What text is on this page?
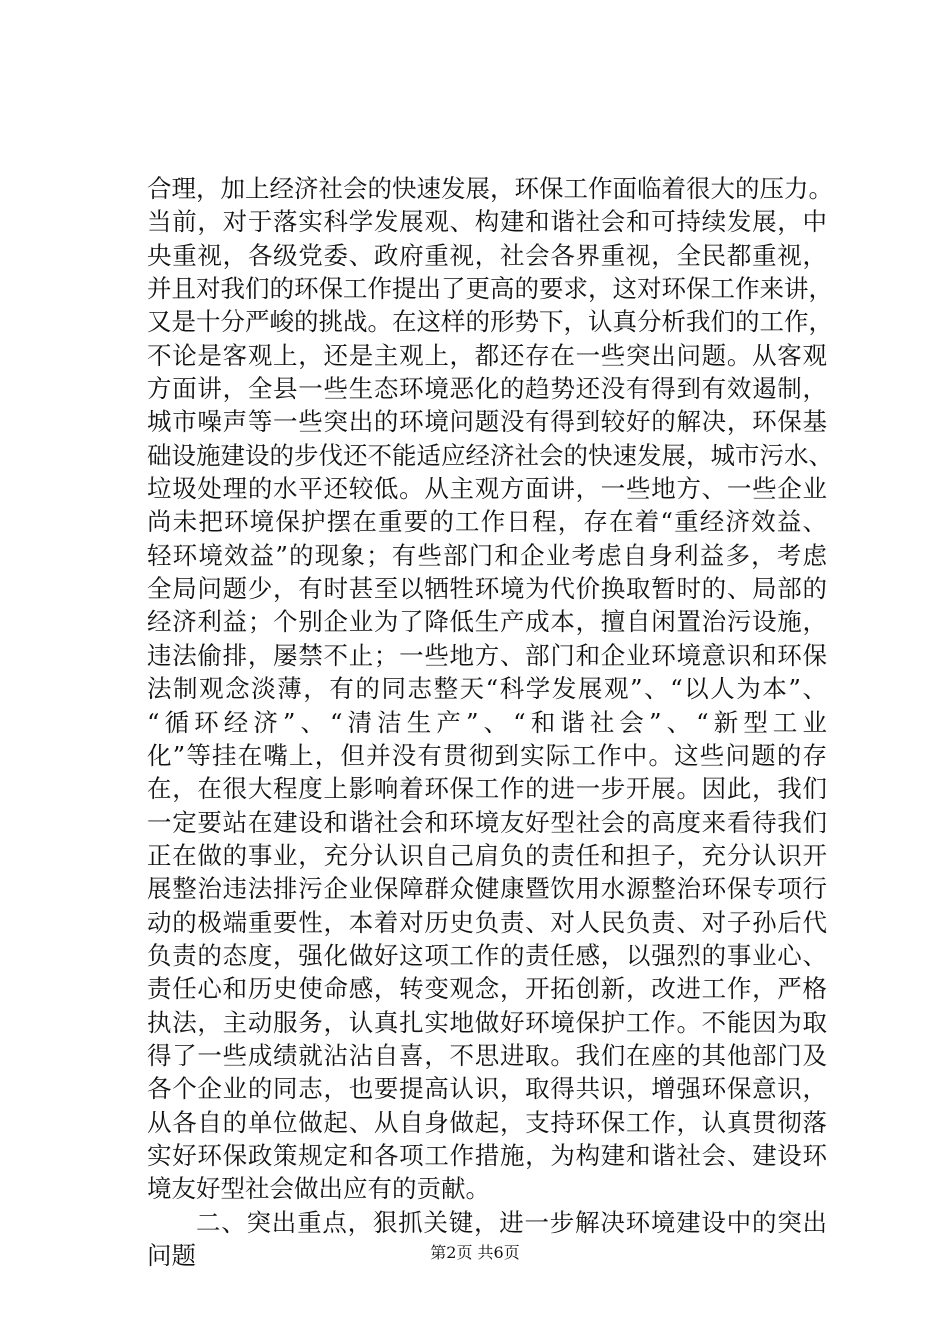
合理，加上经济社会的快速发展，环保工作面临着很大的压力。
当前，对于落实科学发展观、构建和谐社会和可持续发展，中
央重视，各级党委、政府重视，社会各界重视，全民都重视，
并且对我们的环保工作提出了更高的要求，这对环保工作来讲，
又是十分严峻的挑战。在这样的形势下，认真分析我们的工作，
不论是客观上，还是主观上，都还存在一些突出问题。从客观
方面讲，全县一些生态环境恶化的趋势还没有得到有效遏制，
城市噪声等一些突出的环境问题没有得到较好的解决，环保基
础设施建设的步伐还不能适应经济社会的快速发展，城市污水、
垃圾处理的水平还较低。从主观方面讲，一些地方、一些企业
尚未把环境保护摆在重要的工作日程，存在着“重经济效益、
轻环境效益”的现象；有些部门和企业考虑自身利益多，考虑
全局问题少，有时甚至以牺牲环境为代价换取暂时的、局部的
经济利益；个别企业为了降低生产成本，擅自闲置治污设施，
违法偷排，屡禁不止；一些地方、部门和企业环境意识和环保
法制观念淡薄，有的同志整天“科学发展观”、“以人为本”、
“循环经济”、“清洁生产”、“和谐社会”、“新型工业
化”等挂在嘴上，但并没有贯彻到实际工作中。这些问题的存
在，在很大程度上影响着环保工作的进一步开展。因此，我们
一定要站在建设和谐社会和环境友好型社会的高度来看待我们
正在做的事业，充分认识自己肩负的责任和担子，充分认识开
展整治违法排污企业保障群众健康暨饮用水源整治环保专项行
动的极端重要性，本着对历史负责、对人民负责、对子孙后代
负责的态度，强化做好这项工作的责任感，以强烈的事业心、
责任心和历史使命感，转变观念，开拓创新，改进工作，严格
执法，主动服务，认真扎实地做好环境保护工作。不能因为取
得了一些成绩就沾沾自喜，不思进取。我们在座的其他部门及
各个企业的同志，也要提高认识，取得共识，增强环保意识，
从各自的单位做起、从自身做起，支持环保工作，认真贯彻落
实好环保政策规定和各项工作措施，为构建和谐社会、建设环
境友好型社会做出应有的贡献。
二、突出重点，狠抓关键，进一步解决环境建设中的突出
问题	第2页 共6页
